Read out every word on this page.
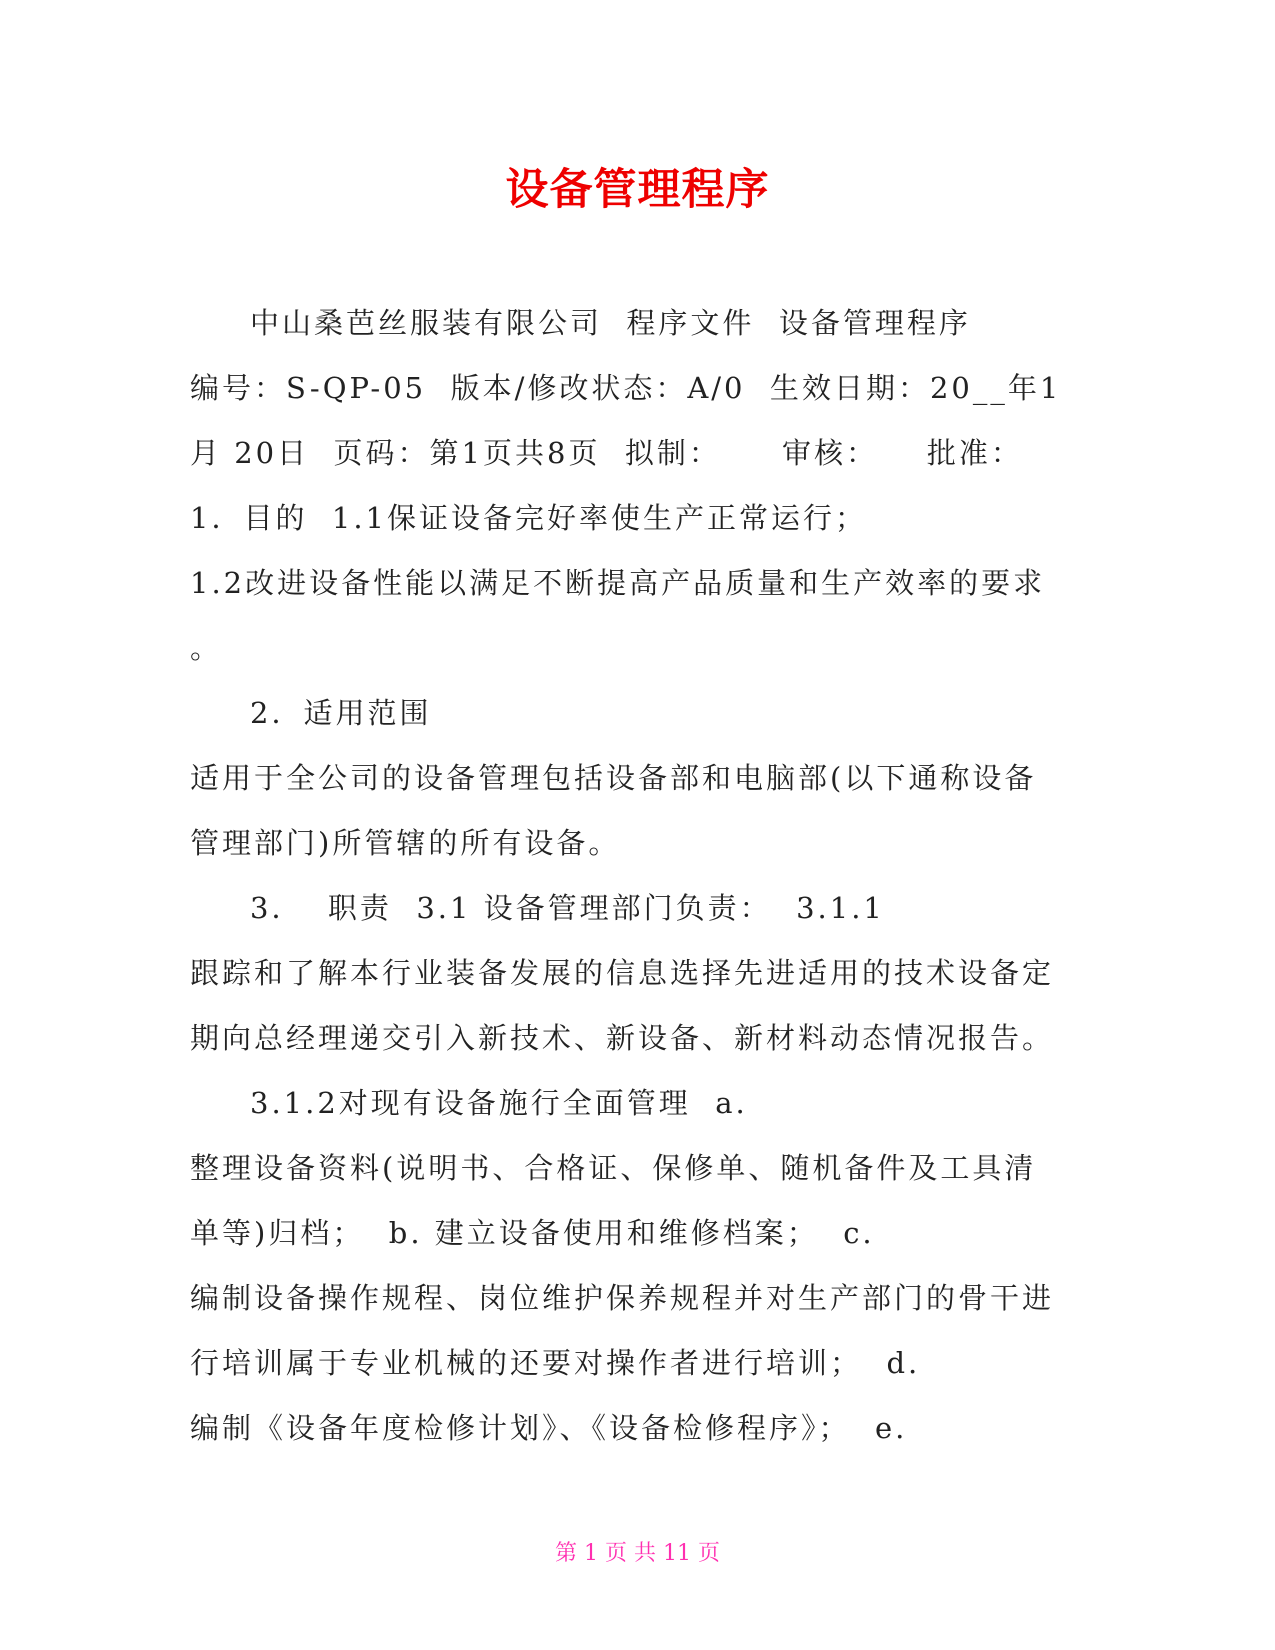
设备管理程序
中山桑芭丝服装有限公司  程序文件  设备管理程序
编号：S-QP-05  版本/修改状态：A/0  生效日期：20__年1
月 20日  页码：第1页共8页  拟制：     审核：    批准：
1．目的  1.1保证设备完好率使生产正常运行；
1.2改进设备性能以满足不断提高产品质量和生产效率的要求
。
2．适用范围
适用于全公司的设备管理包括设备部和电脑部(以下通称设备
管理部门)所管辖的所有设备。
3．  职责  3.1 设备管理部门负责：  3.1.1
跟踪和了解本行业装备发展的信息选择先进适用的技术设备定
期向总经理递交引入新技术、新设备、新材料动态情况报告。
3.1.2对现有设备施行全面管理  a.
整理设备资料(说明书、合格证、保修单、随机备件及工具清
单等)归档；  b. 建立设备使用和维修档案；  c.
编制设备操作规程、岗位维护保养规程并对生产部门的骨干进
行培训属于专业机械的还要对操作者进行培训；  d.
编制《设备年度检修计划》、《设备检修程序》；  e.
第 1 页 共 11 页
